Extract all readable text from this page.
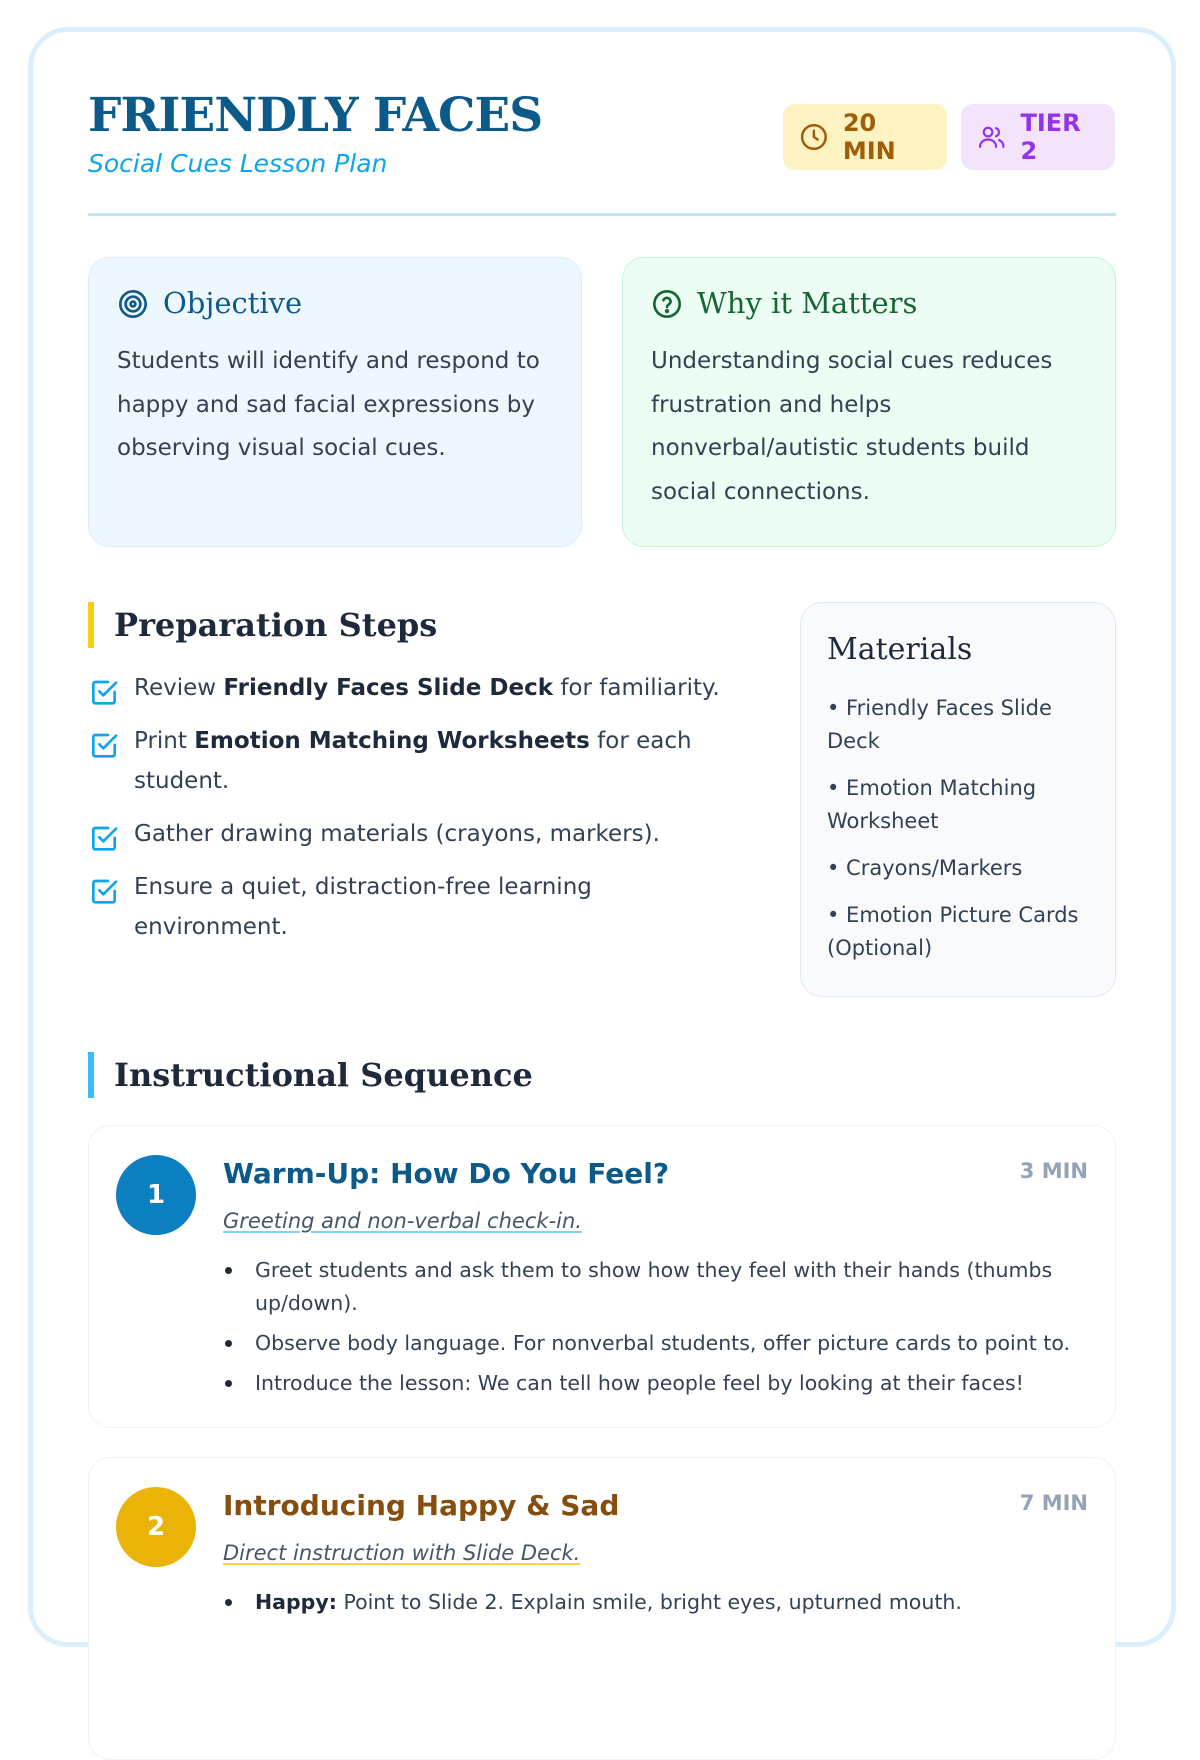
FRIENDLY FACES
Social Cues Lesson Plan
20 MIN
TIER 2
Objective

Students will identify and respond to happy and sad facial expressions by observing visual social cues.

Why it Matters

Understanding social cues reduces frustration and helps nonverbal/autistic students build social connections.

Preparation Steps
Review Friendly Faces Slide Deck for familiarity.
Print Emotion Matching Worksheets for each student.
Gather drawing materials (crayons, markers).
Ensure a quiet, distraction-free learning environment.
Materials
• Friendly Faces Slide Deck
• Emotion Matching Worksheet
• Crayons/Markers
• Emotion Picture Cards (Optional)
Instructional Sequence
1
Warm-Up: How Do You Feel?	3 MIN
Greeting and non-verbal check-in.
Greet students and ask them to show how they feel with their hands (thumbs up/down).
Observe body language. For nonverbal students, offer picture cards to point to.
Introduce the lesson: We can tell how people feel by looking at their faces!
2
Introducing Happy & Sad	7 MIN
Direct instruction with Slide Deck.
Happy: Point to Slide 2. Explain smile, bright eyes, upturned mouth.
